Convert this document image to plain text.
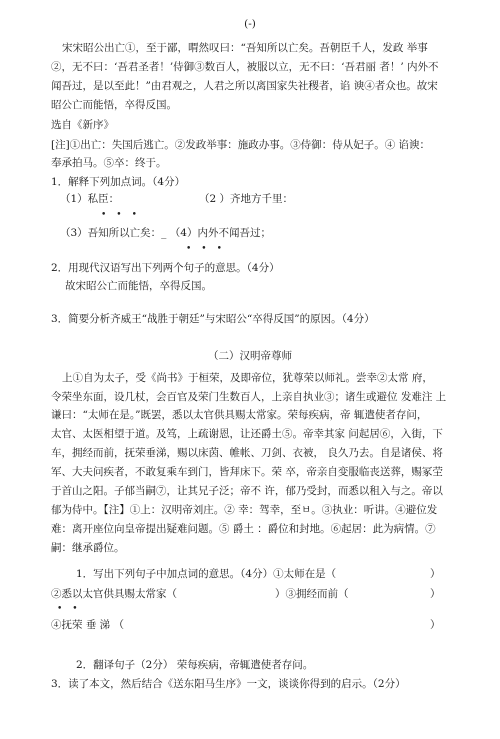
(-)
宋宋昭公出亡①，至于鄙，喟然叹曰：“吾知所以亡矣。吾朝臣千人，发政 举事
②，无不曰：‘吾君圣者！’侍御③数百人，被服以立，无不曰：‘吾君丽 者！’ 内外不
闻吾过，是以至此！”由君观之，人君之所以离国家失社稷者，谄 谀④者众也。故宋
昭公亡而能悟，卒得反国。
选自《新序》
[注]①出亡：失国后逃亡。②发政举事：施政办事。③侍御：侍从妃子。④ 谄谀：
奉承拍马。⑤卒：终于。
1．解释下列加点词。（4分）
（1）私臣：	（2 ）齐地方千里：
•••
（3）吾知所以亡矣：_ （4）内外不闻吾过；
•••
2．用现代汉语写出下列两个句子的意思。（4分）
故宋昭公亡而能悟，卒得反国。
3．简要分析齐威王“战胜于朝廷”与宋昭公“卒得反国”的原因。（4分）
（二）汉明帝尊师
上①自为太子，受《尚书》于桓荣，及即帝位，犹尊荣以师礼。尝幸②太常 府，
令荣坐东面，设几杖，会百官及荣门生数百人，上亲自执业③；诸生或避位 发难注 上
谦曰：“太师在是。”既罢，悉以太官供具赐太常家。荣每疾病，帝 辄遣使者存问，
太官、太医相望于道。及笃，上疏谢恩，让还爵土⑤。帝幸其家 问起居⑥，入街，下
车，拥经而前，抚荣垂涕，赐以床茵、帷帐、刀剑、衣被， 良久乃去。自是诸侯、将
军、大夫问疾者，不敢复乘车到门，皆拜床下。荣 卒，帝亲自变服临丧送葬，赐冢茔
于首山之阳。子郁当嗣⑦，让其兄子泛；帝不 许，郁乃受封，而悉以租入与之。帝以
郁为侍中。【注】①上：汉明帝刘庄。② 幸：驾幸，至ㅂ。③执业：听讲。④避位发
难：离开座位向皇帝提出疑难问题。⑤ 爵土 ：爵位和封地。⑥起居：此为病情。⑦
嗣：继承爵位。
1．写出下列句子中加点词的意思。（4分）①太师在是（	）
②悉以太官供具赐太常家（	）③拥经而前（	）
••
④抚荣 垂 涕 （	）
2．翻译句子（2分） 荣每疾病，帝辄遣使者存问。
3．读了本文，然后结合《送东阳马生序》一文，谈谈你得到的启示。（2分）
